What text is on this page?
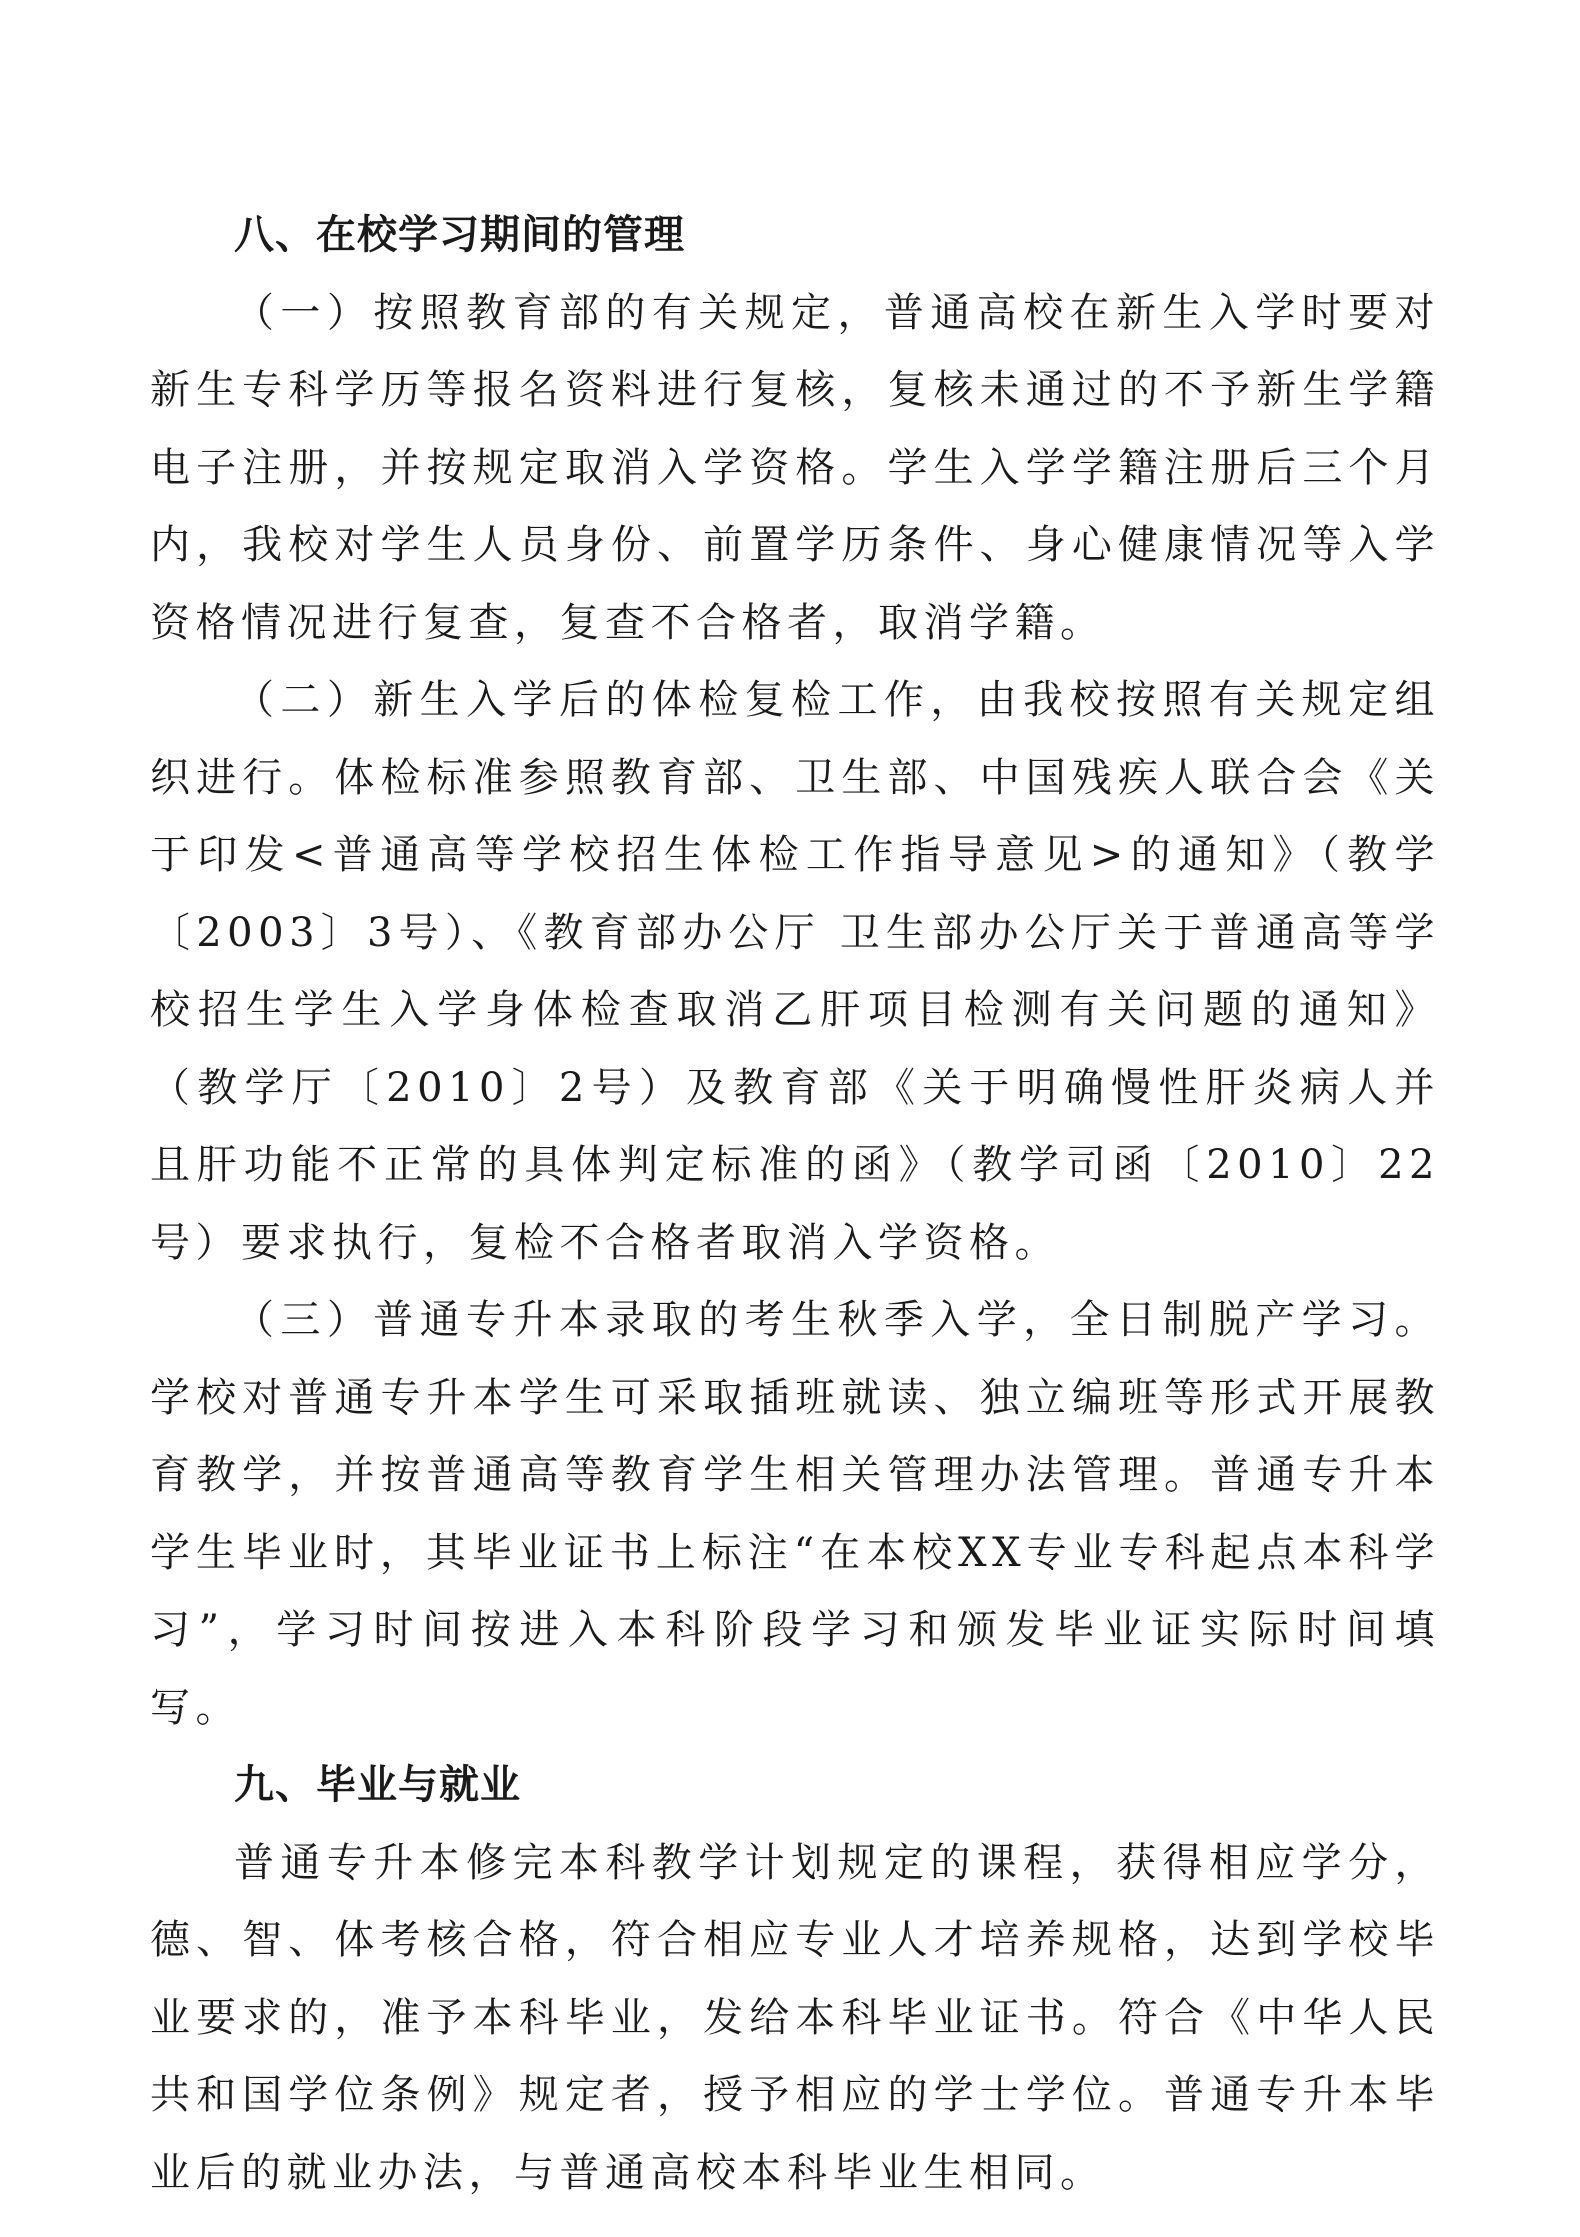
八、在校学习期间的管理

（一）按照教育部的有关规定，普通高校在新生入学时要对新生专科学历等报名资料进行复核，复核未通过的不予新生学籍电子注册，并按规定取消入学资格。学生入学学籍注册后三个月内，我校对学生人员身份、前置学历条件、身心健康情况等入学资格情况进行复查，复查不合格者，取消学籍。

（二）新生入学后的体检复检工作，由我校按照有关规定组织进行。体检标准参照教育部、卫生部、中国残疾人联合会《关于印发<普通高等学校招生体检工作指导意见>的通知》（教学〔2003〕3号）、《教育部办公厅 卫生部办公厅关于普通高等学校招生学生入学身体检查取消乙肝项目检测有关问题的通知》（教学厅〔2010〕2号）及教育部《关于明确慢性肝炎病人并且肝功能不正常的具体判定标准的函》（教学司函〔2010〕22号）要求执行，复检不合格者取消入学资格。

（三）普通专升本录取的考生秋季入学，全日制脱产学习。学校对普通专升本学生可采取插班就读、独立编班等形式开展教育教学，并按普通高等教育学生相关管理办法管理。普通专升本学生毕业时，其毕业证书上标注“在本校XX专业专科起点本科学习”，学习时间按进入本科阶段学习和颁发毕业证实际时间填写。

九、毕业与就业

普通专升本修完本科教学计划规定的课程，获得相应学分，德、智、体考核合格，符合相应专业人才培养规格，达到学校毕业要求的，准予本科毕业，发给本科毕业证书。符合《中华人民共和国学位条例》规定者，授予相应的学士学位。普通专升本毕业后的就业办法，与普通高校本科毕业生相同。
